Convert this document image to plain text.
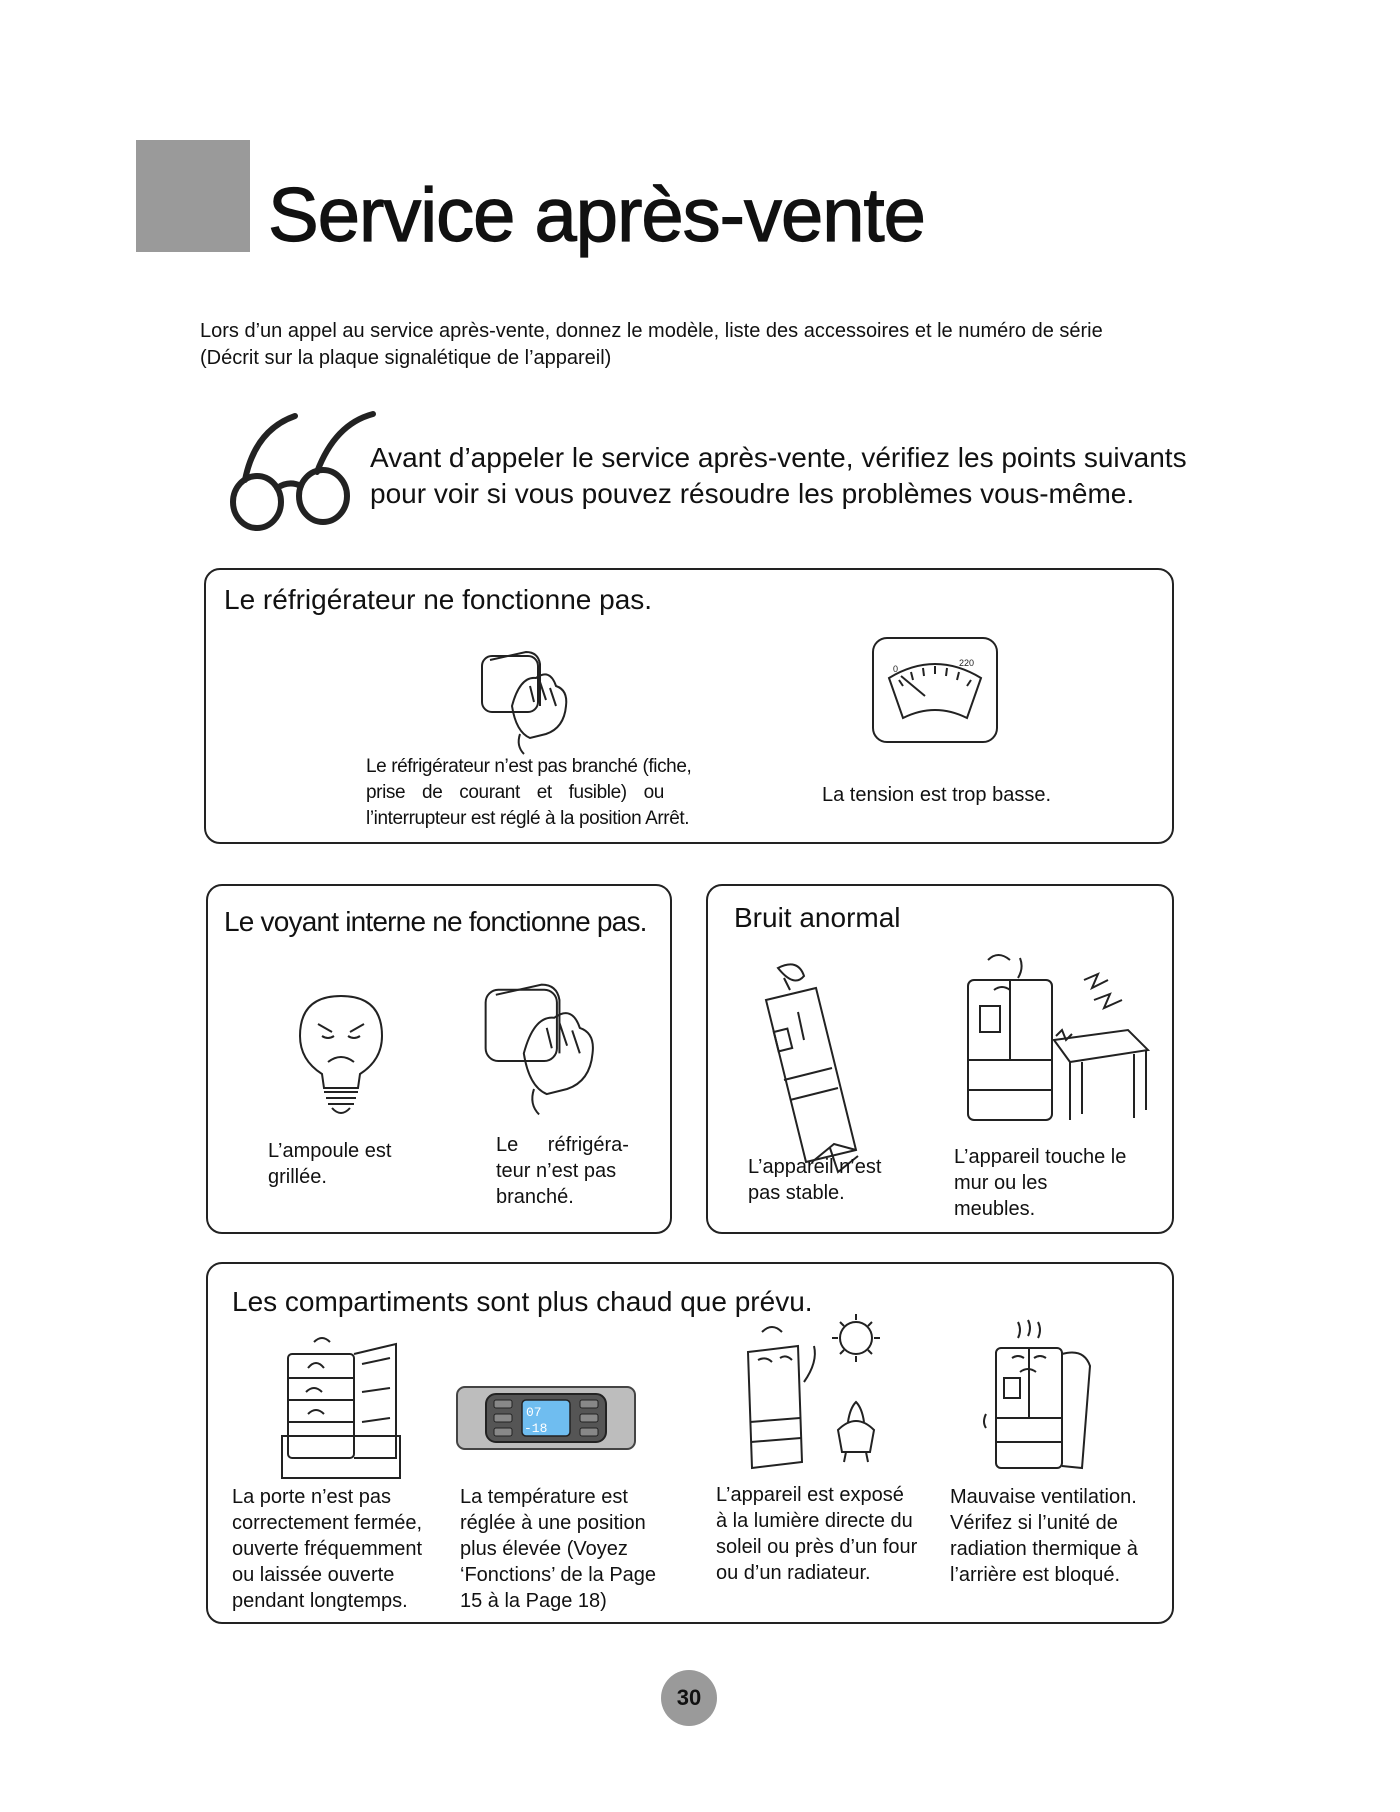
Service après-vente
Lors d’un appel au service après-vente, donnez le modèle, liste des accessoires et le numéro de série
(Décrit sur la plaque signalétique de l’appareil)
Avant d’appeler le service après-vente, vérifiez les points suivants
pour voir si vous pouvez résoudre les problèmes vous-même.
Le réfrigérateur ne fonctionne pas.
Le réfrigérateur n’est pas branché (fiche,
prise de courant et fusible) ou
l’interrupteur est réglé à la position Arrêt.
0
220
La tension est trop basse.
Le voyant interne ne fonctionne pas.
L’ampoule est
grillée.
Le réfrigéra-
teur n’est pas
branché.
Bruit anormal
L’appareil n’est
pas stable.
L’appareil touche le
mur ou les
meubles.
Les compartiments sont plus chaud que prévu.
La porte n’est pas
correctement fermée,
ouverte fréquemment
ou laissée ouverte
pendant longtemps.
07
-18
La température est
réglée à une position
plus élevée (Voyez
‘Fonctions’ de la Page
15 à la Page 18)
L’appareil est exposé
à la lumière directe du
soleil ou près d’un four
ou d’un radiateur.
Mauvaise ventilation.
Vérifez si l’unité de
radiation thermique à
l’arrière est bloqué.
30
